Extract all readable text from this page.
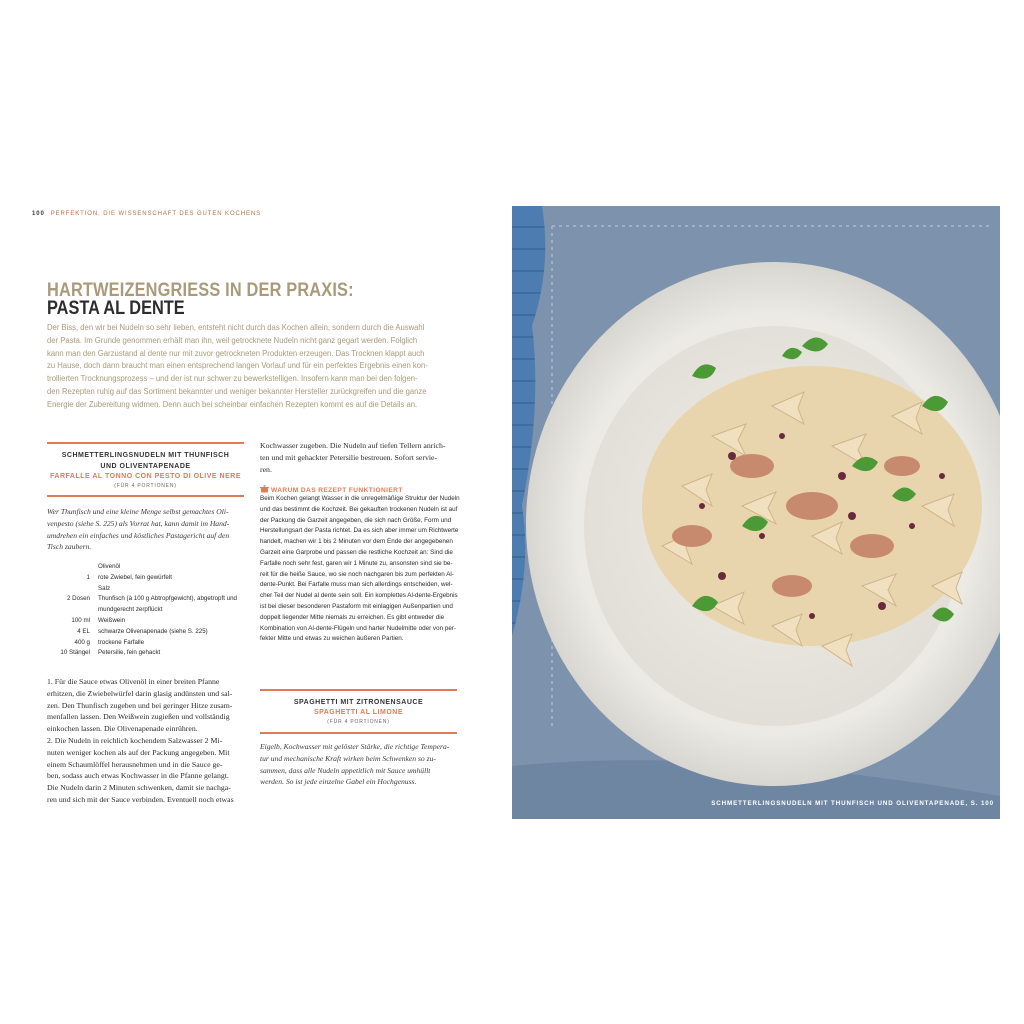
100 PERFEKTION. DIE WISSENSCHAFT DES GUTEN KOCHENS
HARTWEIZENGRIESS IN DER PRAXIS:
PASTA AL DENTE
Der Biss, den wir bei Nudeln so sehr lieben, entsteht nicht durch das Kochen allein, sondern durch die Auswahl
der Pasta. Im Grunde genommen erhält man ihn, weil getrocknete Nudeln nicht ganz gegart werden. Folglich
kann man den Garzustand al dente nur mit zuvor getrockneten Produkten erzeugen. Das Trocknen klappt auch
zu Hause, doch dann braucht man einen entsprechend langen Vorlauf und für ein perfektes Ergebnis einen kon-
trollierten Trocknungsprozess – und der ist nur schwer zu bewerkstelligen. Insofern kann man bei den folgen-
den Rezepten ruhig auf das Sortiment bekannter und weniger bekannter Hersteller zurückgreifen und die ganze
Energie der Zubereitung widmen. Denn auch bei scheinbar einfachen Rezepten kommt es auf die Details an.
SCHMETTERLINGSNUDELN MIT THUNFISCH
UND OLIVENTAPENADE
FARFALLE AL TONNO CON PESTO DI OLIVE NERE
(FÜR 4 PORTIONEN)
Wer Thunfisch und eine kleine Menge selbst gemachtes Oli-
venpesto (siehe S. 225) als Vorrat hat, kann damit im Hand-
umdrehen ein einfaches und köstliches Pastagericht auf den
Tisch zaubern.
Olivenöl
1	rote Zwiebel, fein gewürfelt
Salz
2 Dosen	Thunfisch (à 100 g Abtropfgewicht), abgetropft und
mundgerecht zerpflückt
100 ml	Weißwein
4 EL	schwarze Olivenapenade (siehe S. 225)
400 g	trockene Farfalle
10 Stängel	Petersilie, fein gehackt
1. Für die Sauce etwas Olivenöl in einer breiten Pfanne
erhitzen, die Zwiebelwürfel darin glasig andünsten und sal-
zen. Den Thunfisch zugeben und bei geringer Hitze zusam-
menfallen lassen. Den Weißwein zugießen und vollständig
einkochen lassen. Die Olivenapenade einrühren.
2. Die Nudeln in reichlich kochendem Salzwasser 2 Mi-
nuten weniger kochen als auf der Packung angegeben. Mit
einem Schaumlöffel herausnehmen und in die Sauce ge-
ben, sodass auch etwas Kochwasser in die Pfanne gelangt.
Die Nudeln darin 2 Minuten schwenken, damit sie nachga-
ren und sich mit der Sauce verbinden. Eventuell noch etwas
Kochwasser zugeben. Die Nudeln auf tiefen Tellern anrich-
ten und mit gehackter Petersilie bestreuen. Sofort servie-
ren.
WARUM DAS REZEPT FUNKTIONIERT
Beim Kochen gelangt Wasser in die unregelmäßige Struktur der Nudeln
und das bestimmt die Kochzeit. Bei gekauften trockenen Nudeln ist auf
der Packung die Garzeit angegeben, die sich nach Größe, Form und
Herstellungsart der Pasta richtet. Da es sich aber immer um Richtwerte
handelt, machen wir 1 bis 2 Minuten vor dem Ende der angegebenen
Garzeit eine Garprobe und passen die restliche Kochzeit an: Sind die
Farfalle noch sehr fest, garen wir 1 Minute zu, ansonsten sind sie be-
reit für die heiße Sauce, wo sie noch nachgaren bis zum perfekten Al-
dente-Punkt. Bei Farfalle muss man sich allerdings entscheiden, wel-
cher Teil der Nudel al dente sein soll. Ein komplettes Al-dente-Ergebnis
ist bei dieser besonderen Pastaform mit einlagigen Außenpartien und
doppelt liegender Mitte niemals zu erreichen. Es gibt entweder die
Kombination von Al-dente-Flügeln und harter Nudelmitte oder von per-
fekter Mitte und etwas zu weichen äußeren Partien.
SPAGHETTI MIT ZITRONENSAUCE
SPAGHETTI AL LIMONE
(FÜR 4 PORTIONEN)
Eigelb, Kochwasser mit gelöster Stärke, die richtige Tempera-
tur und mechanische Kraft wirken beim Schwenken so zu-
sammen, dass alle Nudeln appetitlich mit Sauce umhüllt
werden. So ist jede einzelne Gabel ein Hochgenuss.
SCHMETTERLINGSNUDELN MIT THUNFISCH UND OLIVENTAPENADE, S. 100
